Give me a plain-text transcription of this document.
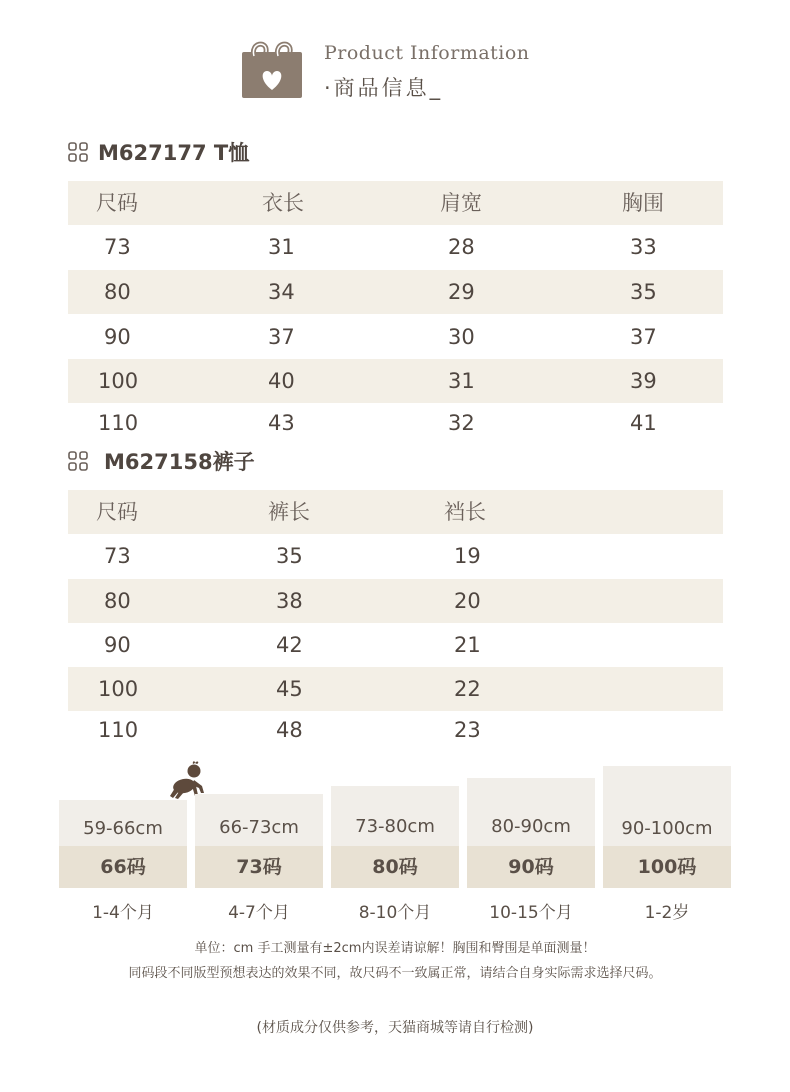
Product Information
·商品信息_
M627177 T恤
尺码	衣长	肩宽	胸围
73	31	28	33
80	34	29	35
90	37	30	37
100	40	31	39
110	43	32	41
M627158裤子
尺码	裤长	裆长
73	35	19
80	38	20
90	42	21
100	45	22
110	48	23
59-66cm
66码
1-4个月
66-73cm
73码
4-7个月
73-80cm
80码
8-10个月
80-90cm
90码
10-15个月
90-100cm
100码
1-2岁
单位：cm 手工测量有±2cm内误差请谅解！胸围和臀围是单面测量！
同码段不同版型预想表达的效果不同，故尺码不一致属正常，请结合自身实际需求选择尺码。
(材质成分仅供参考，天猫商城等请自行检测)
